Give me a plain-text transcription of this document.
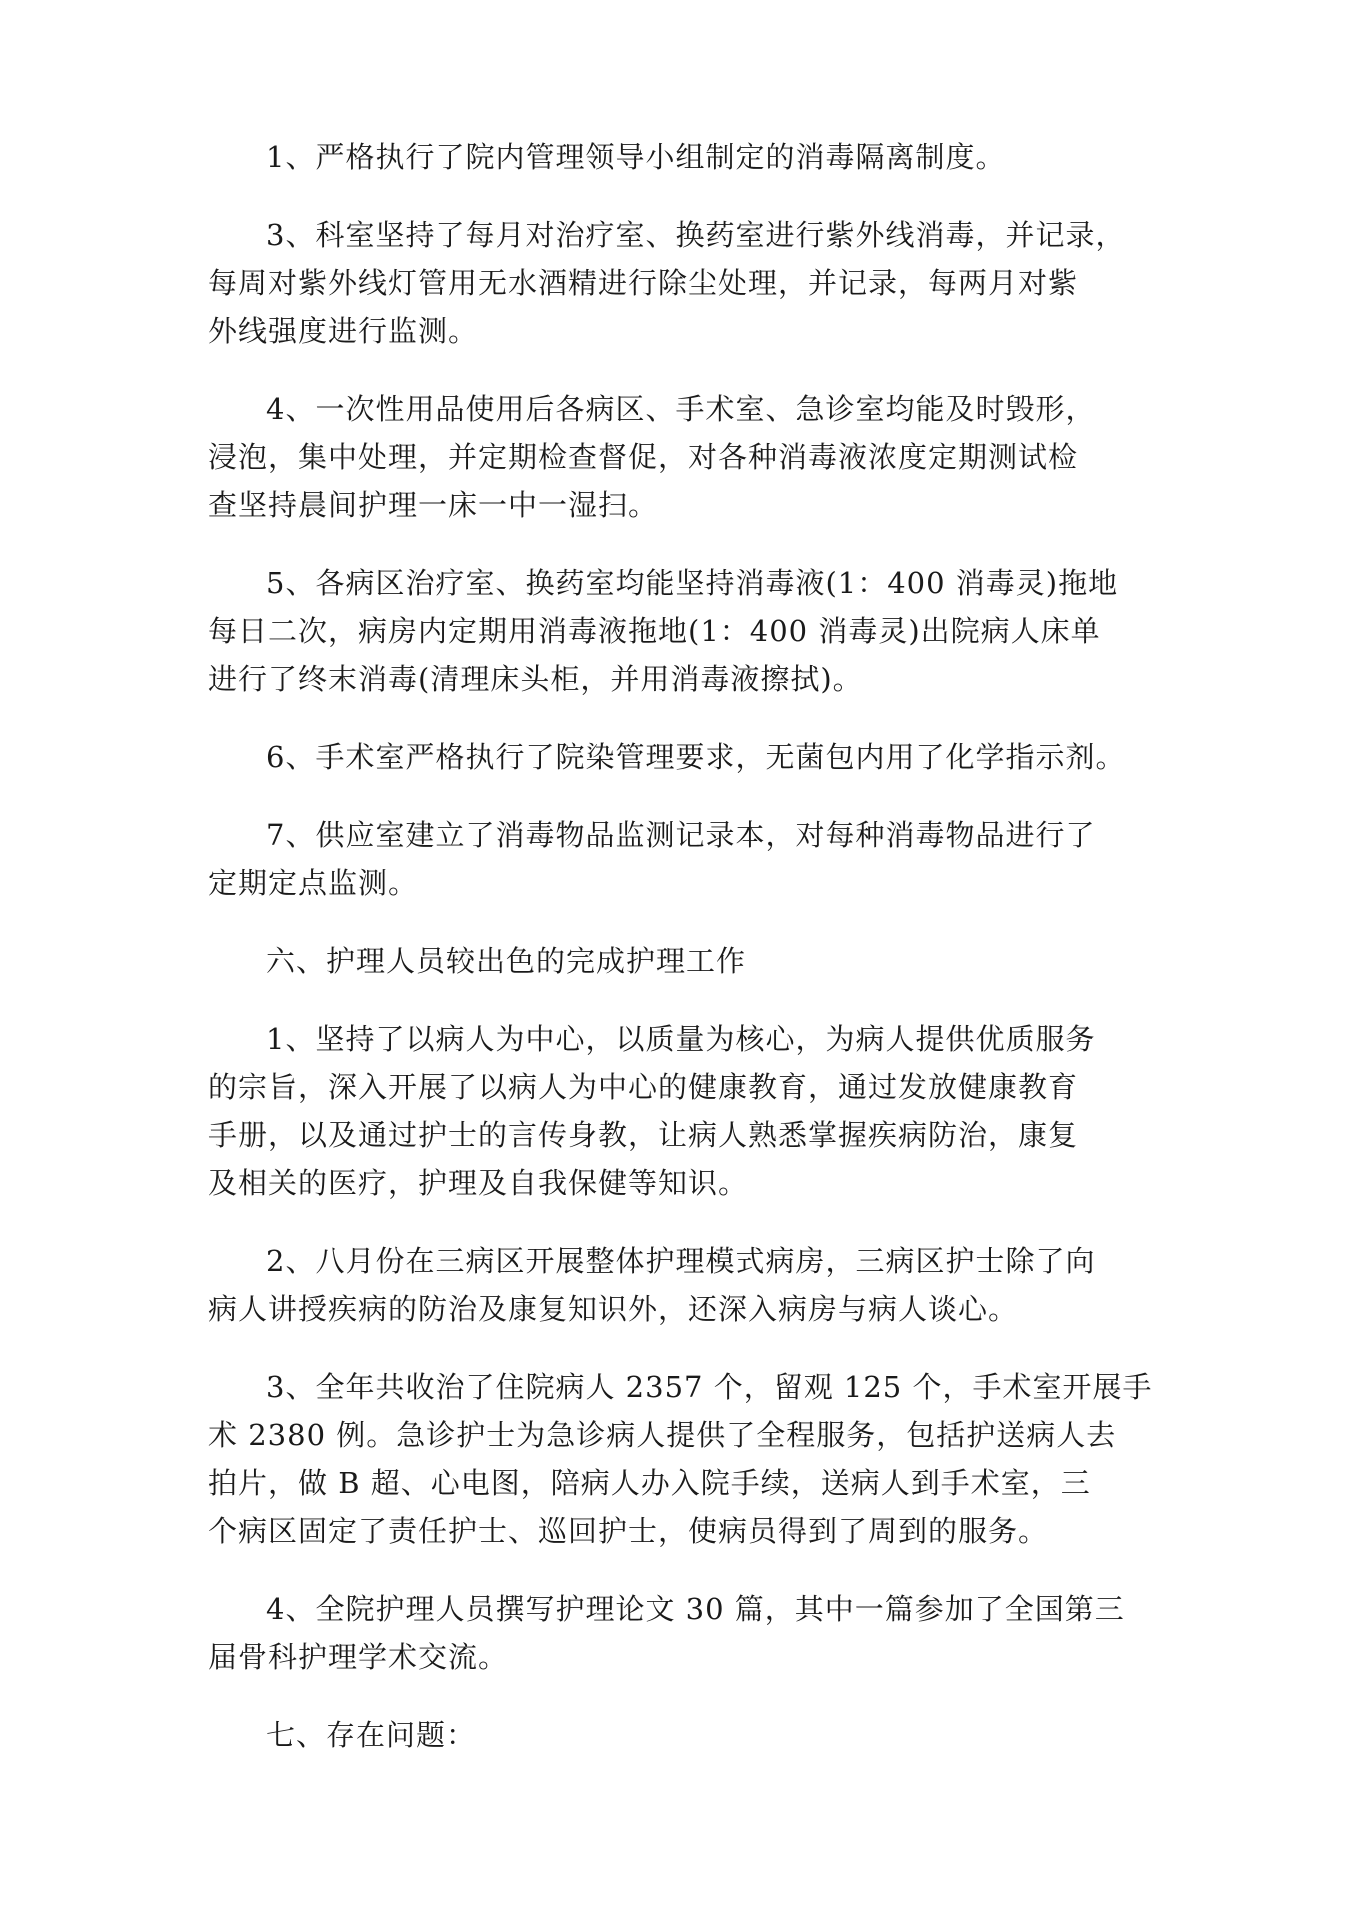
1、严格执行了院内管理领导小组制定的消毒隔离制度。

3、科室坚持了每月对治疗室、换药室进行紫外线消毒，并记录，
每周对紫外线灯管用无水酒精进行除尘处理，并记录，每两月对紫
外线强度进行监测。

4、一次性用品使用后各病区、手术室、急诊室均能及时毁形，
浸泡，集中处理，并定期检查督促，对各种消毒液浓度定期测试检
查坚持晨间护理一床一中一湿扫。

5、各病区治疗室、换药室均能坚持消毒液(1：400 消毒灵)拖地
每日二次，病房内定期用消毒液拖地(1：400 消毒灵)出院病人床单
进行了终末消毒(清理床头柜，并用消毒液擦拭)。

6、手术室严格执行了院染管理要求，无菌包内用了化学指示剂。

7、供应室建立了消毒物品监测记录本，对每种消毒物品进行了
定期定点监测。

六、护理人员较出色的完成护理工作

1、坚持了以病人为中心，以质量为核心，为病人提供优质服务
的宗旨，深入开展了以病人为中心的健康教育，通过发放健康教育
手册，以及通过护士的言传身教，让病人熟悉掌握疾病防治，康复
及相关的医疗，护理及自我保健等知识。

2、八月份在三病区开展整体护理模式病房，三病区护士除了向
病人讲授疾病的防治及康复知识外，还深入病房与病人谈心。

3、全年共收治了住院病人 2357 个，留观 125 个，手术室开展手
术 2380 例。急诊护士为急诊病人提供了全程服务，包括护送病人去
拍片，做 B 超、心电图，陪病人办入院手续，送病人到手术室，三
个病区固定了责任护士、巡回护士，使病员得到了周到的服务。

4、全院护理人员撰写护理论文 30 篇，其中一篇参加了全国第三
届骨科护理学术交流。

七、存在问题：
